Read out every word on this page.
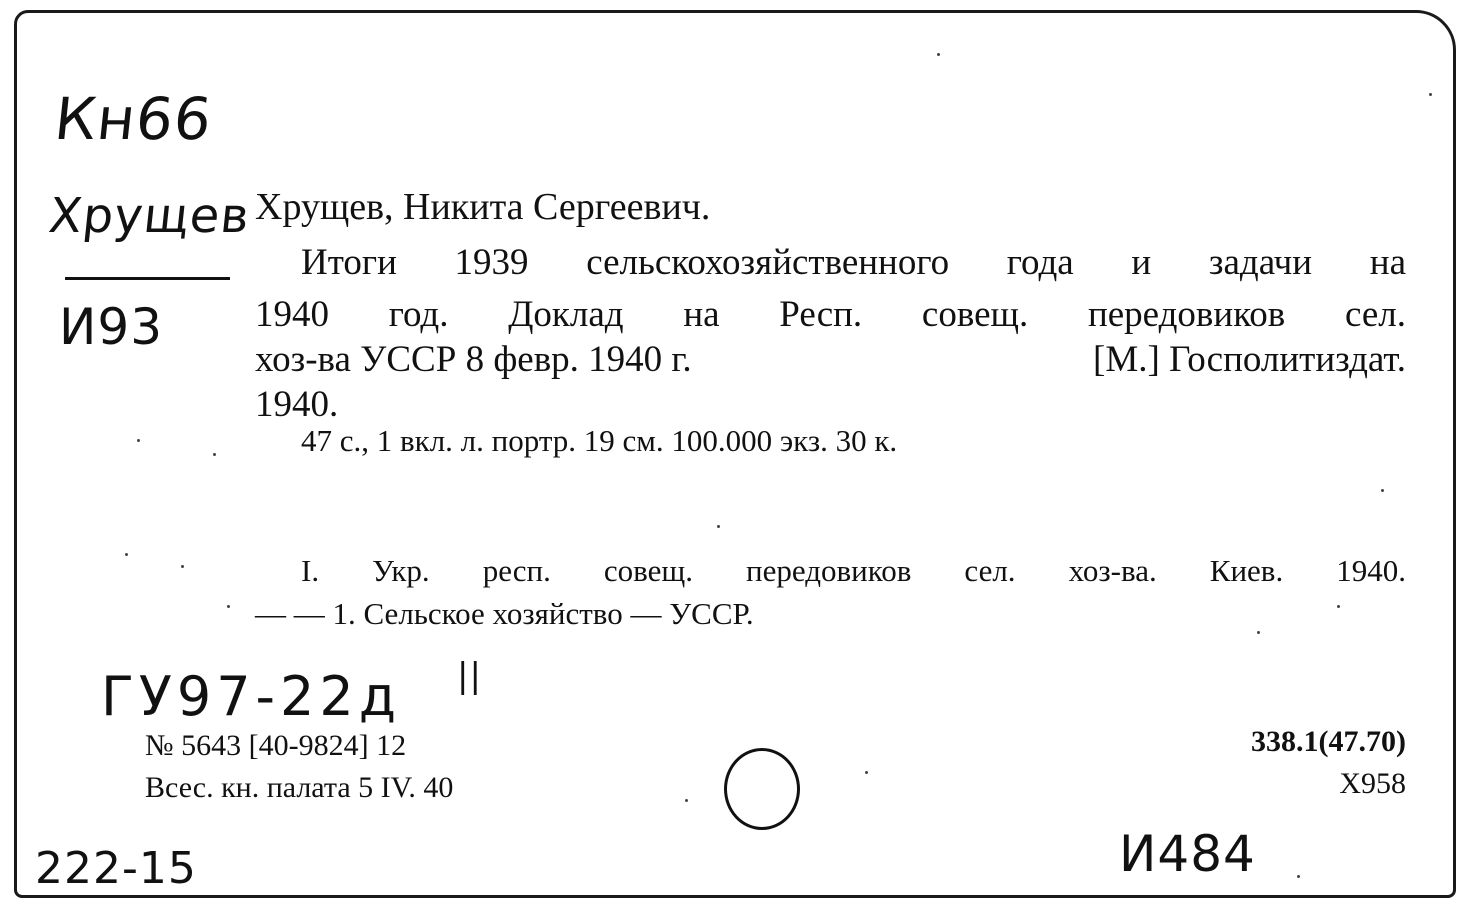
Кн66
Хрущев
И93
Хрущев, Никита Сергеевич.
Итоги 1939 сельскохозяйственного года и задачи на
1940 год. Доклад на Респ. совещ. передовиков сел.
хоз-ва УССР 8 февр. 1940 г.	[М.] Госполитиздат.
1940.
47 с., 1 вкл. л. портр. 19 см. 100.000 экз. 30 к.
I. Укр. респ. совещ. передовиков сел. хоз-ва. Киев. 1940.
— — 1. Сельское хозяйство — УССР.
ГУ97-22д ||
№ 5643 [40-9824] 12
Всес. кн. палата 5 IV. 40
338.1(47.70)
Х958
222-15	И484
